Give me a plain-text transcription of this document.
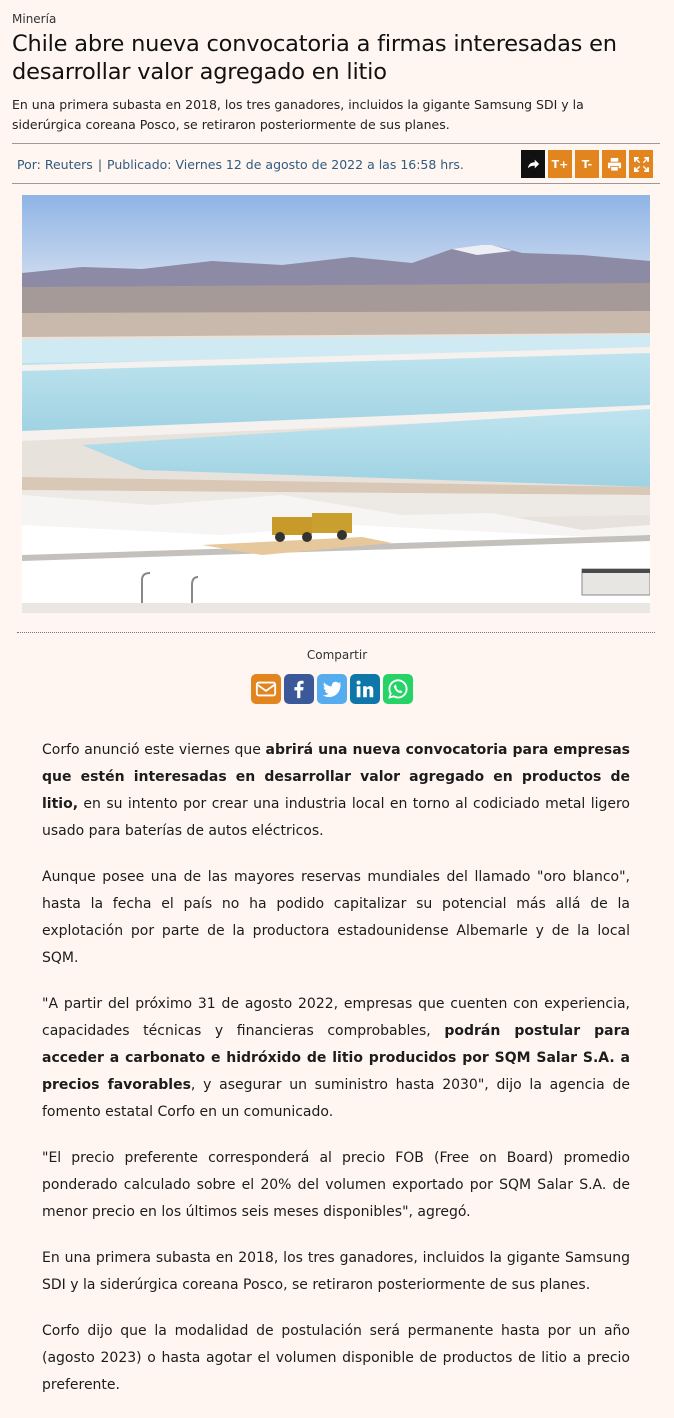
Minería
Chile abre nueva convocatoria a firmas interesadas en desarrollar valor agregado en litio

En una primera subasta en 2018, los tres ganadores, incluidos la gigante Samsung SDI y la siderúrgica coreana Posco, se retiraron posteriormente de sus planes.

Por: Reuters | Publicado: Viernes 12 de agosto de 2022 a las 16:58 hrs.	T+	T-
Compartir

Corfo anunció este viernes que abrirá una nueva convocatoria para empresas que estén interesadas en desarrollar valor agregado en productos de litio, en su intento por crear una industria local en torno al codiciado metal ligero usado para baterías de autos eléctricos.

Aunque posee una de las mayores reservas mundiales del llamado "oro blanco", hasta la fecha el país no ha podido capitalizar su potencial más allá de la explotación por parte de la productora estadounidense Albemarle y de la local SQM.

"A partir del próximo 31 de agosto 2022, empresas que cuenten con experiencia, capacidades técnicas y financieras comprobables, podrán postular para acceder a carbonato e hidróxido de litio producidos por SQM Salar S.A. a precios favorables, y asegurar un suministro hasta 2030", dijo la agencia de fomento estatal Corfo en un comunicado.

"El precio preferente corresponderá al precio FOB (Free on Board) promedio ponderado calculado sobre el 20% del volumen exportado por SQM Salar S.A. de menor precio en los últimos seis meses disponibles", agregó.

En una primera subasta en 2018, los tres ganadores, incluidos la gigante Samsung SDI y la siderúrgica coreana Posco, se retiraron posteriormente de sus planes.

Corfo dijo que la modalidad de postulación será permanente hasta por un año (agosto 2023) o hasta agotar el volumen disponible de productos de litio a precio preferente.
